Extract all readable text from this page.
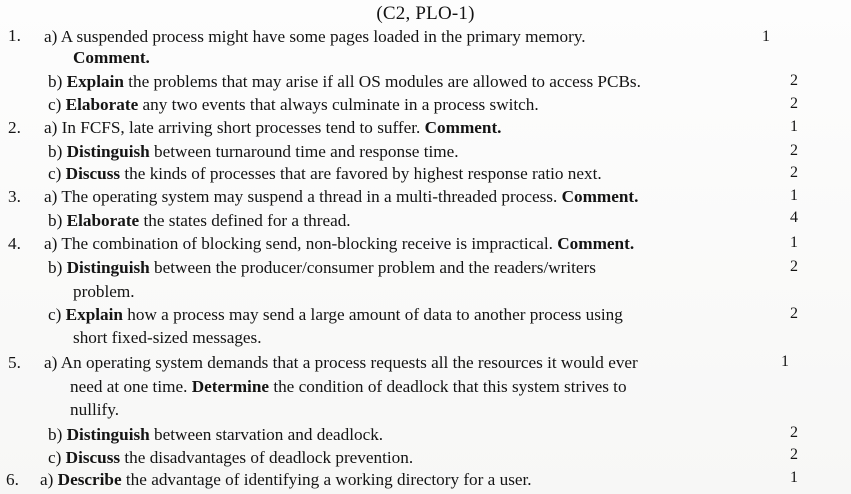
(C2, PLO-1)
1. a) A suspended process might have some pages loaded in the primary memory.	1
Comment.
b) Explain the problems that may arise if all OS modules are allowed to access PCBs.	2
c) Elaborate any two events that always culminate in a process switch.	2
2. a) In FCFS, late arriving short processes tend to suffer. Comment.	1
b) Distinguish between turnaround time and response time.	2
c) Discuss the kinds of processes that are favored by highest response ratio next.	2
3. a) The operating system may suspend a thread in a multi-threaded process. Comment.	1
b) Elaborate the states defined for a thread.	4
4. a) The combination of blocking send, non-blocking receive is impractical. Comment.	1
b) Distinguish between the producer/consumer problem and the readers/writers	2
problem.
c) Explain how a process may send a large amount of data to another process using	2
short fixed-sized messages.
5. a) An operating system demands that a process requests all the resources it would ever	1
need at one time. Determine the condition of deadlock that this system strives to
nullify.
b) Distinguish between starvation and deadlock.	2
c) Discuss the disadvantages of deadlock prevention.	2
6. a) Describe the advantage of identifying a working directory for a user.	1
